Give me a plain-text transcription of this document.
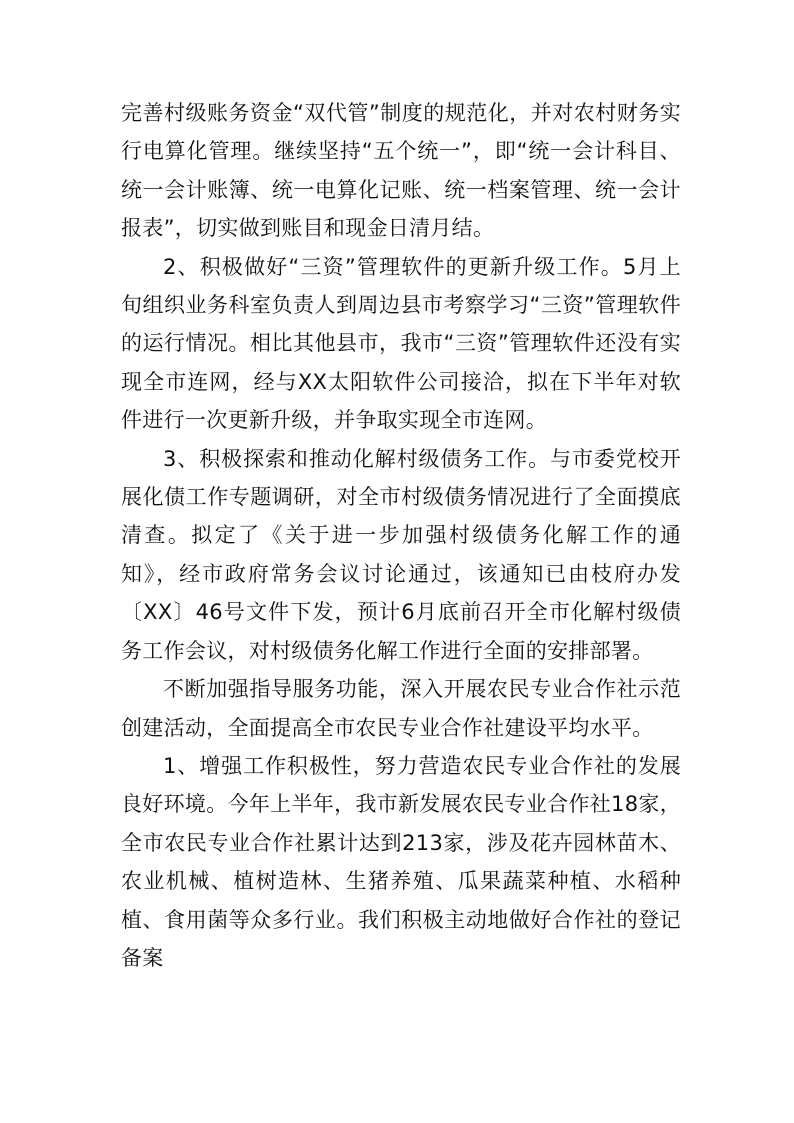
完善村级账务资金“双代管”制度的规范化，并对农村财务实行电算化管理。继续坚持“五个统一”，即“统一会计科目、统一会计账簿、统一电算化记账、统一档案管理、统一会计报表”，切实做到账目和现金日清月结。

2、积极做好“三资”管理软件的更新升级工作。5月上旬组织业务科室负责人到周边县市考察学习“三资”管理软件的运行情况。相比其他县市，我市“三资”管理软件还没有实现全市连网，经与XX太阳软件公司接洽，拟在下半年对软件进行一次更新升级，并争取实现全市连网。

3、积极探索和推动化解村级债务工作。与市委党校开展化债工作专题调研，对全市村级债务情况进行了全面摸底清查。拟定了《关于进一步加强村级债务化解工作的通知》，经市政府常务会议讨论通过，该通知已由枝府办发〔XX〕46号文件下发，预计6月底前召开全市化解村级债务工作会议，对村级债务化解工作进行全面的安排部署。

不断加强指导服务功能，深入开展农民专业合作社示范创建活动，全面提高全市农民专业合作社建设平均水平。

1、增强工作积极性，努力营造农民专业合作社的发展良好环境。今年上半年，我市新发展农民专业合作社18家，全市农民专业合作社累计达到213家，涉及花卉园林苗木、农业机械、植树造林、生猪养殖、瓜果蔬菜种植、水稻种植、食用菌等众多行业。我们积极主动地做好合作社的登记备案
